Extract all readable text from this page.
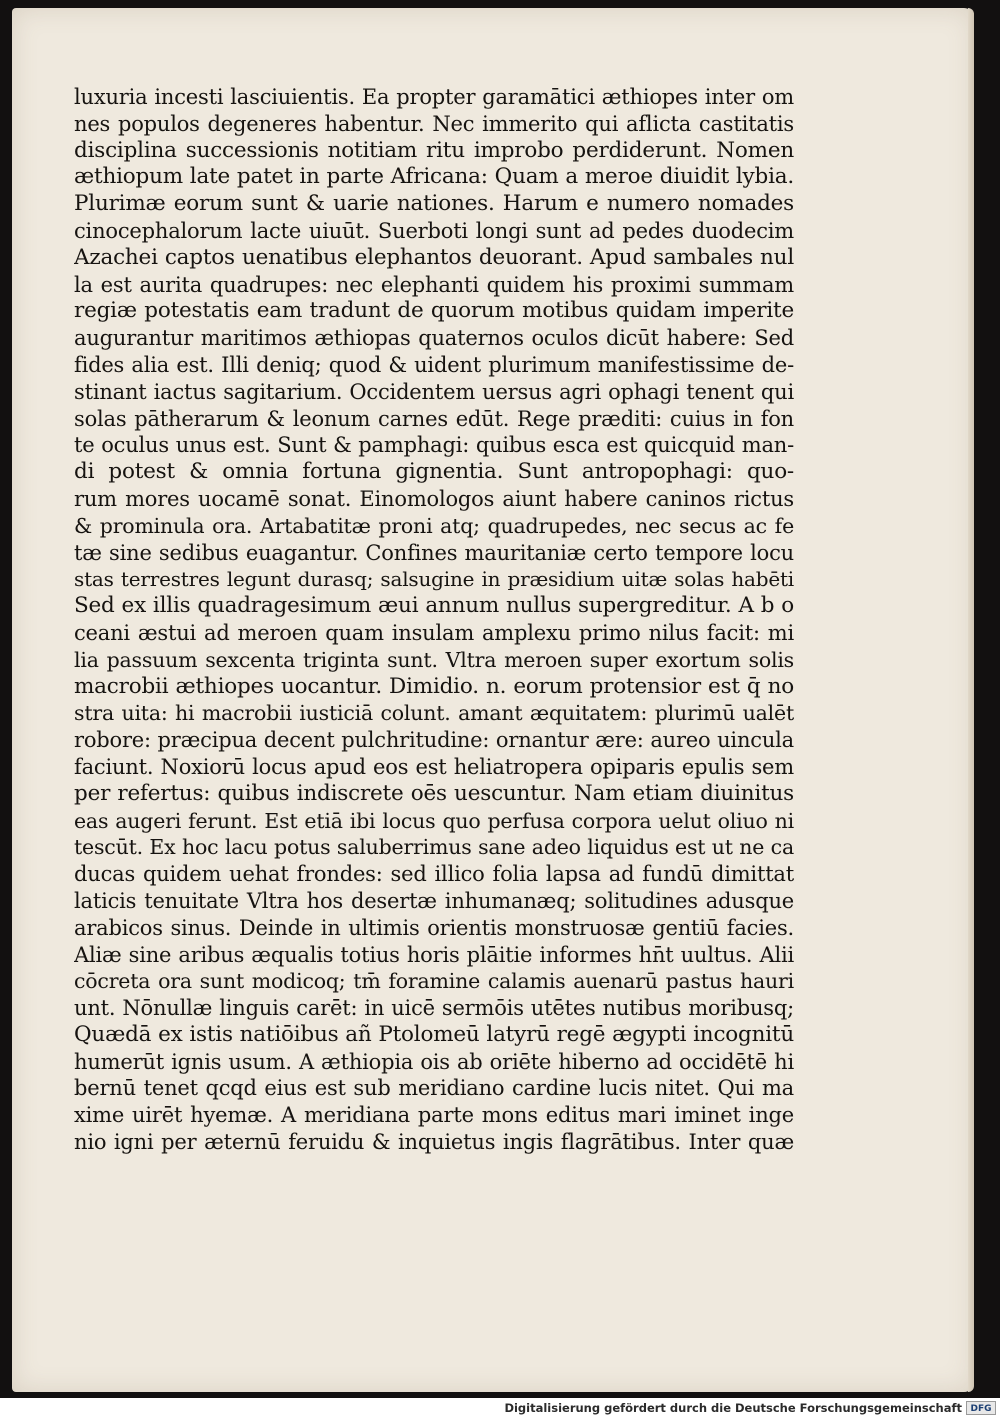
luxuria incesti lasciuientis. Ea propter garamātici æthiopes inter om
nes populos degeneres habentur. Nec immerito qui aflicta castitatis
disciplina successionis notitiam ritu improbo perdiderunt. Nomen
æthiopum late patet in parte Africana: Quam a meroe diuidit lybia.
Plurimæ eorum sunt & uarie nationes. Harum e numero nomades
cinocephalorum lacte uiuūt. Suerboti longi sunt ad pedes duodecim
Azachei captos uenatibus elephantos deuorant. Apud sambales nul
la est aurita quadrupes: nec elephanti quidem his proximi summam
regiæ potestatis eam tradunt de quorum motibus quidam imperite
augurantur maritimos æthiopas quaternos oculos dicūt habere: Sed
fides alia est. Illi deniq; quod & uident plurimum manifestissime de-
stinant iactus sagitarium. Occidentem uersus agri ophagi tenent qui
solas pātherarum & leonum carnes edūt. Rege præditi: cuius in fon
te oculus unus est. Sunt & pamphagi: quibus esca est quicquid man-
di potest & omnia fortuna gignentia. Sunt antropophagi: quo-
rum mores uocamē sonat. Einomologos aiunt habere caninos rictus
& prominula ora. Artabatitæ proni atq; quadrupedes, nec secus ac fe
tæ sine sedibus euagantur. Confines mauritaniæ certo tempore locu
stas terrestres legunt durasq; salsugine in præsidium uitæ solas habēti
Sed ex illis quadragesimum æui annum nullus supergreditur. A b o
ceani æstui ad meroen quam insulam amplexu primo nilus facit: mi
lia passuum sexcenta triginta sunt. Vltra meroen super exortum solis
macrobii æthiopes uocantur. Dimidio. n. eorum protensior est q̄ no
stra uita: hi macrobii iusticiā colunt. amant æquitatem: plurimū ualēt
robore: præcipua decent pulchritudine: ornantur ære: aureo uincula
faciunt. Noxiorū locus apud eos est heliatropera opiparis epulis sem
per refertus: quibus indiscrete oēs uescuntur. Nam etiam diuinitus
eas augeri ferunt. Est etiā ibi locus quo perfusa corpora uelut oliuo ni
tescūt. Ex hoc lacu potus saluberrimus sane adeo liquidus est ut ne ca
ducas quidem uehat frondes: sed illico folia lapsa ad fundū dimittat
laticis tenuitate Vltra hos desertæ inhumanæq; solitudines adusque
arabicos sinus. Deinde in ultimis orientis monstruosæ gentiū facies.
Aliæ sine aribus æqualis totius horis plāitie informes hn̄t uultus. Alii
cōcreta ora sunt modicoq; tm̄ foramine calamis auenarū pastus hauri
unt. Nōnullæ linguis carēt: in uicē sermōis utētes nutibus moribusq;
Quædā ex istis natiōibus añ Ptolomeū latyrū regē ægypti incognitū
humerūt ignis usum. A æthiopia ois ab oriēte hiberno ad occidētē hi
bernū tenet qcqd eius est sub meridiano cardine lucis nitet. Qui ma
xime uirēt hyemæ. A meridiana parte mons editus mari iminet inge
nio igni per æternū feruidu & inquietus ingis flagrātibus. Inter quæ
Digitalisierung gefördert durch die Deutsche Forschungsgemeinschaft DFG
